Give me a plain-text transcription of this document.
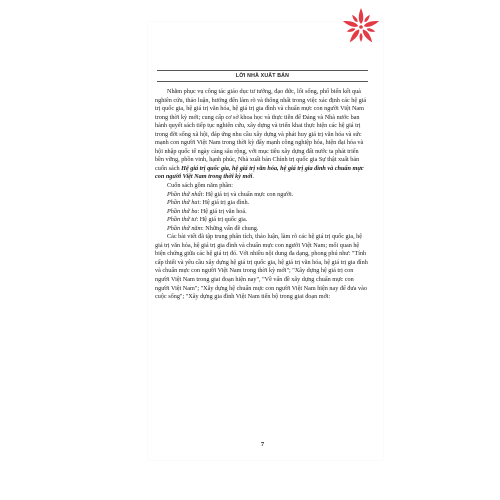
LỜI NHÀ XUẤT BẢN

Nhằm phục vụ công tác giáo dục tư tưởng, đạo đức, lối sống, phổ biến kết quả nghiên cứu, thảo luận, hướng đến làm rõ và thống nhất trong việc xác định các hệ giá trị quốc gia, hệ giá trị văn hóa, hệ giá trị gia đình và chuẩn mực con người Việt Nam trong thời kỳ mới; cung cấp cơ sở khoa học và thực tiễn để Đảng và Nhà nước ban hành quyết sách tiếp tục nghiên cứu, xây dựng và triển khai thực hiện các hệ giá trị trong đời sống xã hội, đáp ứng nhu cầu xây dựng và phát huy giá trị văn hóa và sức mạnh con người Việt Nam trong thời kỳ đẩy mạnh công nghiệp hóa, hiện đại hóa và hội nhập quốc tế ngày càng sâu rộng, với mục tiêu xây dựng đất nước ta phát triển bền vững, phồn vinh, hạnh phúc, Nhà xuất bản Chính trị quốc gia Sự thật xuất bản cuốn sách Hệ giá trị quốc gia, hệ giá trị văn hóa, hệ giá trị gia đình và chuẩn mực con người Việt Nam trong thời kỳ mới.

Cuốn sách gồm năm phần:

Phần thứ nhất: Hệ giá trị và chuẩn mực con người.

Phần thứ hai: Hệ giá trị gia đình.

Phần thứ ba: Hệ giá trị văn hoá.

Phần thứ tư: Hệ giá trị quốc gia.

Phần thứ năm: Những vấn đề chung.

Các bài viết đã tập trung phân tích, thảo luận, làm rõ các hệ giá trị quốc gia, hệ giá trị văn hóa, hệ giá trị gia đình và chuẩn mực con người Việt Nam; mối quan hệ biện chứng giữa các hệ giá trị đó. Với nhiều nội dung đa dạng, phong phú như: "Tính cấp thiết và yêu cầu xây dựng hệ giá trị quốc gia, hệ giá trị văn hóa, hệ giá trị gia đình và chuẩn mực con người Việt Nam trong thời kỳ mới"; "Xây dựng hệ giá trị con người Việt Nam trong giai đoạn hiện nay", "Về vấn đề xây dựng chuẩn mực con người Việt Nam"; "Xây dựng hệ chuẩn mực con người Việt Nam hiện nay để đưa vào cuộc sống"; "Xây dựng gia đình Việt Nam tiến bộ trong giai đoạn mới:

7
